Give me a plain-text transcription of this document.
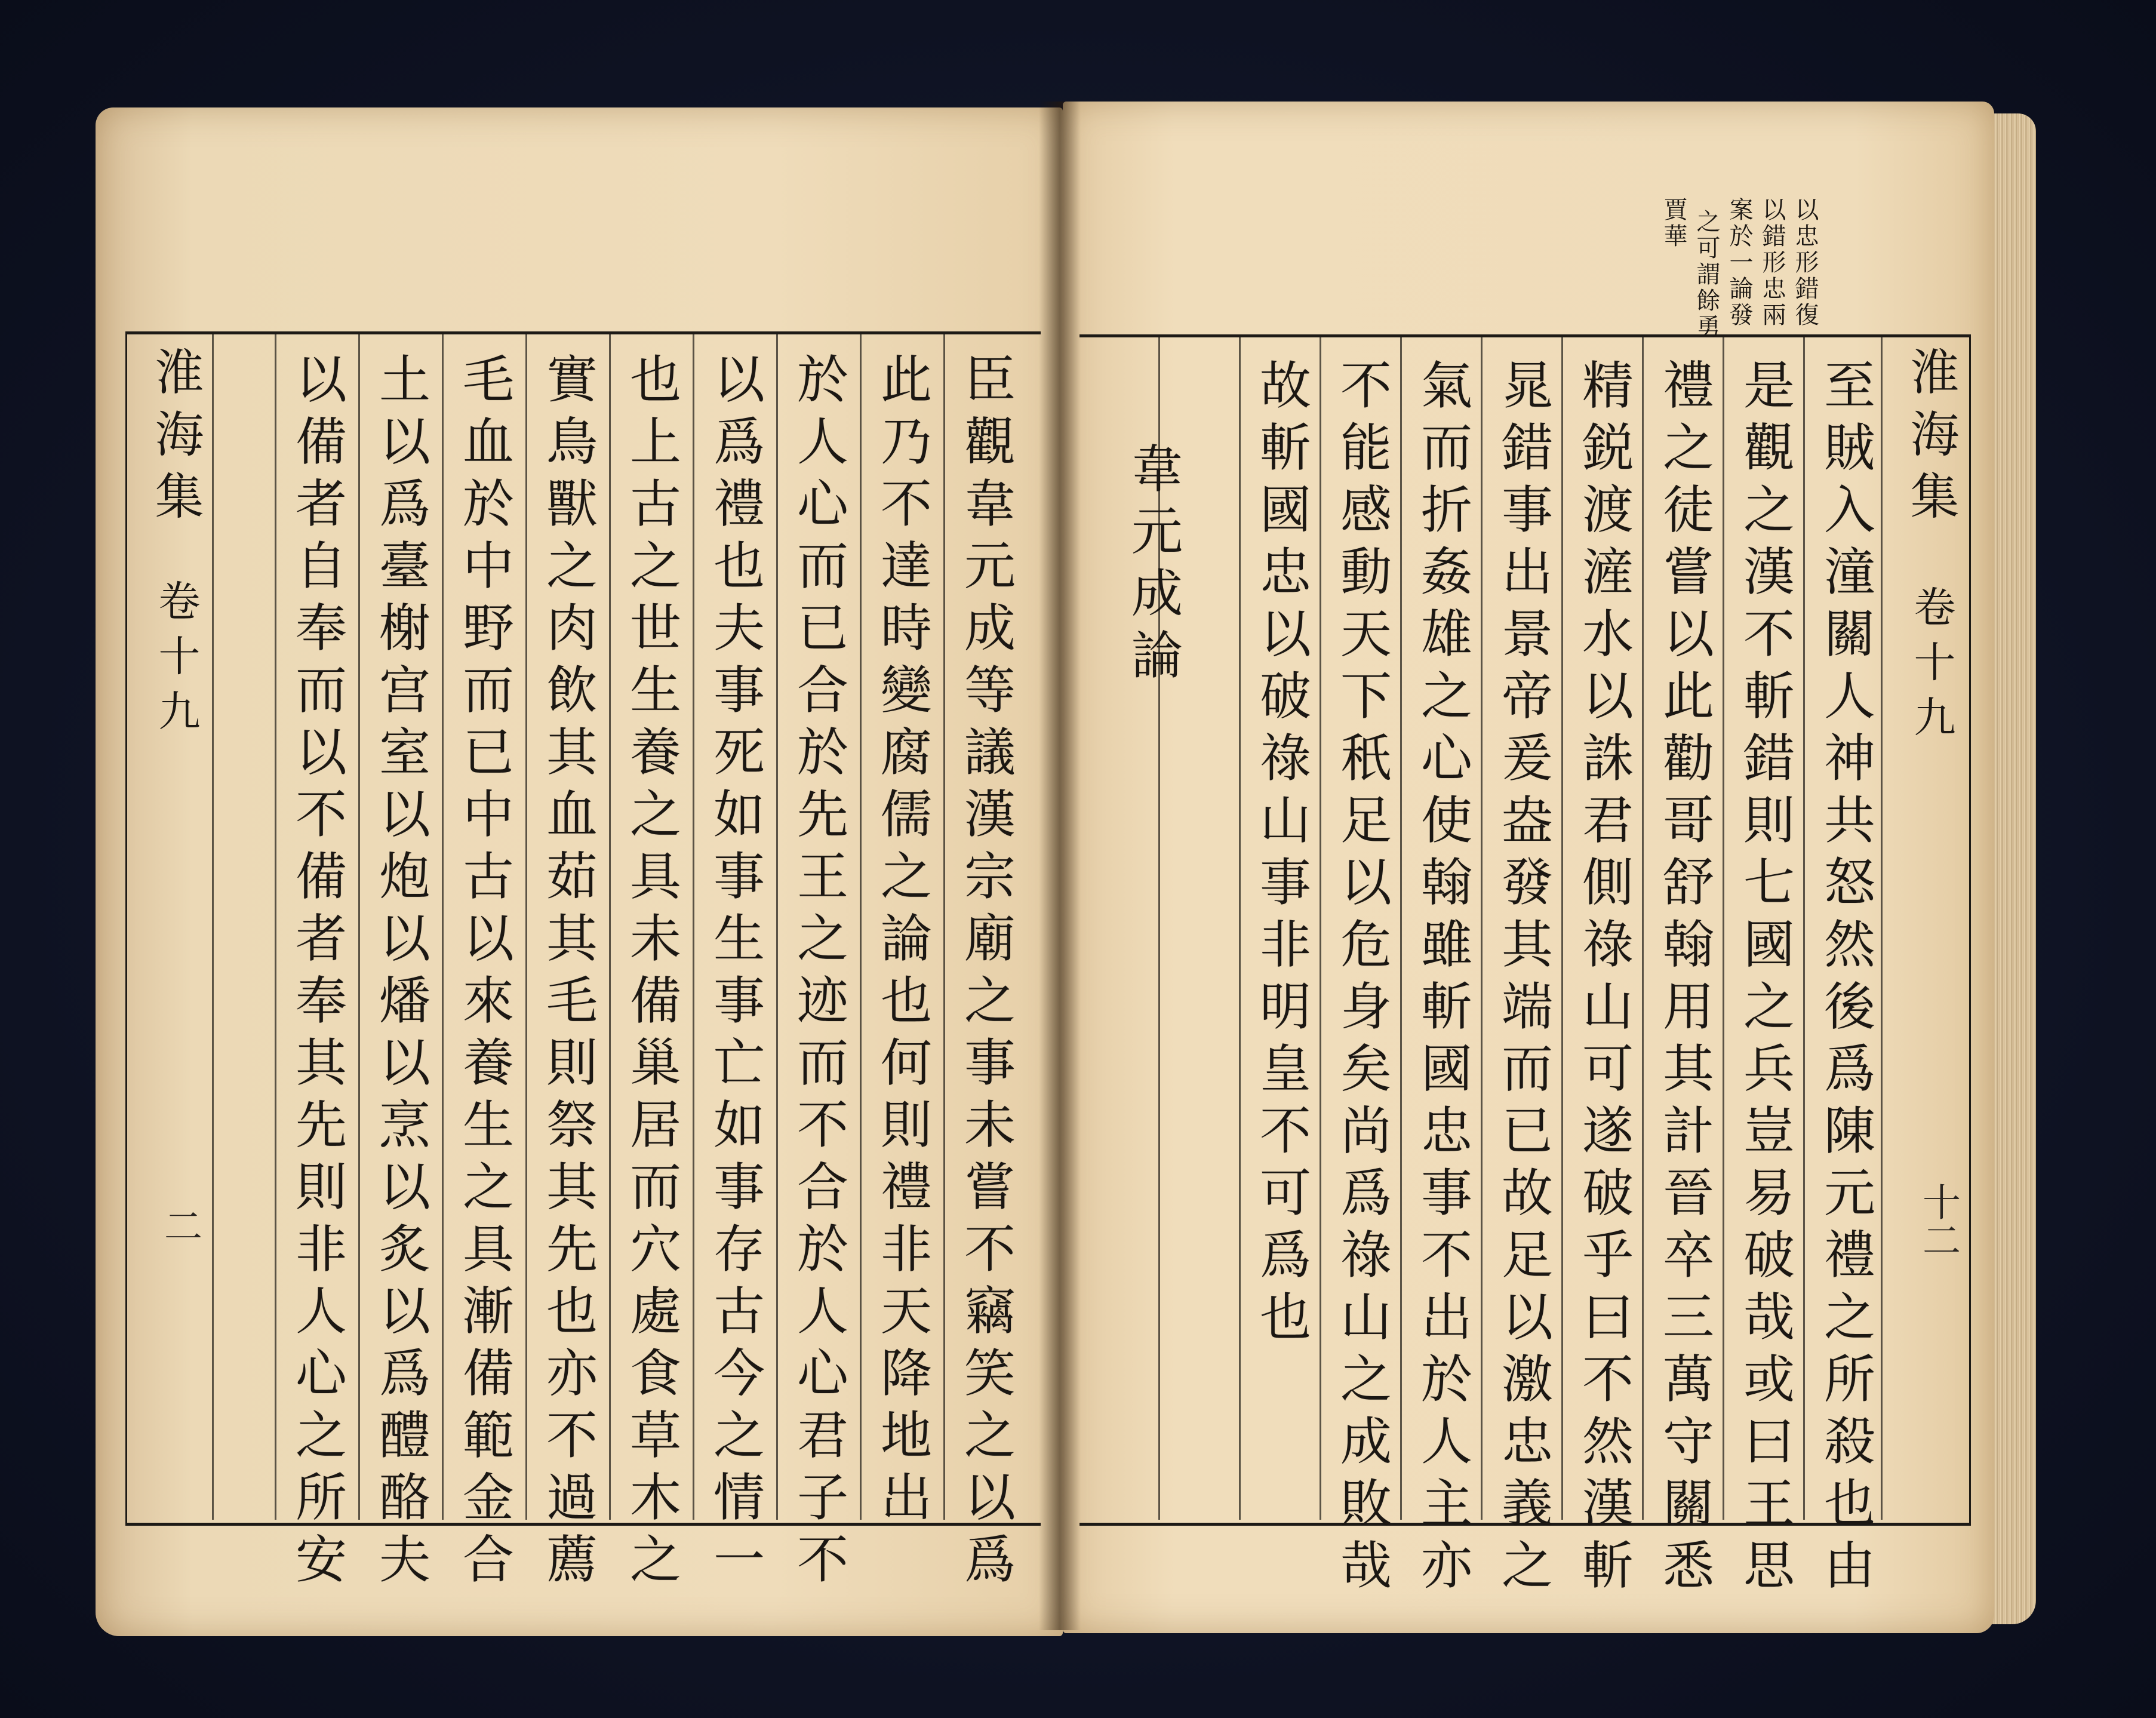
淮海集
卷十九
二	臣觀韋元成等議漢宗廟之事未嘗不竊笑之以爲
此乃不達時變腐儒之論也何則禮非天降地出
於人心而已合於先王之迹而不合於人心君子不
以爲禮也夫事死如事生事亡如事存古今之情一
也上古之世生養之具未備巢居而穴處食草木之
實鳥獸之肉飲其血茹其毛則祭其先也亦不過薦
毛血於中野而已中古以來養生之具漸備範金合
土以爲臺榭宫室以炮以燔以烹以炙以爲醴酪夫
以備者自奉而以不備者奉其先則非人心之所安
以忠形錯復
以錯形忠兩
案於一論發
之可謂餘勇
賈華
淮海集
卷十九
十二
至賊入潼關人神共怒然後爲陳元禮之所殺也由
是觀之漢不斬錯則七國之兵豈易破哉或曰王思
禮之徒嘗以此勸哥舒翰用其計晉卒三萬守關悉
精鋭渡滻水以誅君側祿山可遂破乎曰不然漢斬
晁錯事出景帝爰盎發其端而已故足以激忠義之
氣而折姦雄之心使翰雖斬國忠事不出於人主亦
不能感動天下秖足以危身矣尚爲祿山之成敗哉
故斬國忠以破祿山事非明皇不可爲也
韋元成論
